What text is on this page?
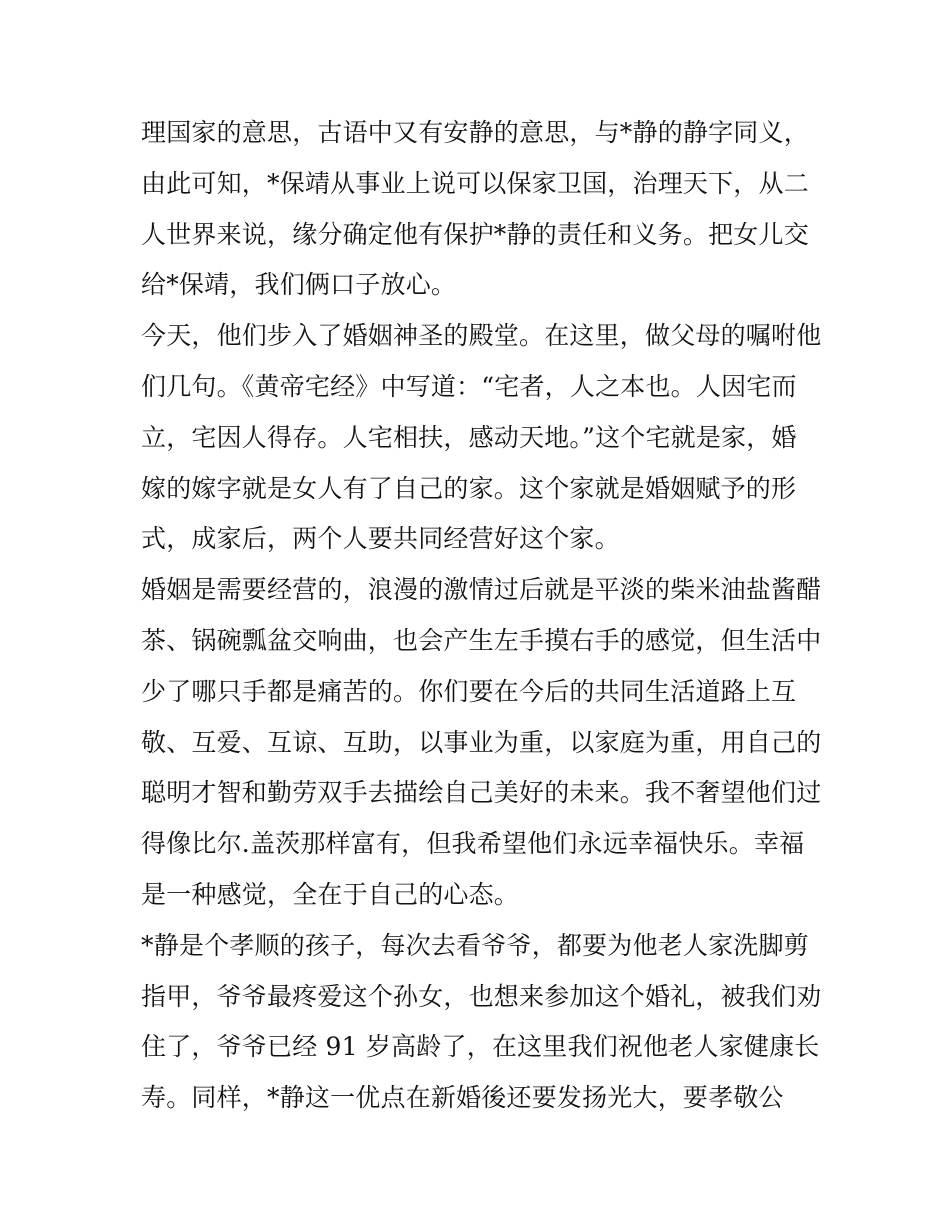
理国家的意思，古语中又有安静的意思，与*静的静字同义，
由此可知，*保靖从事业上说可以保家卫国，治理天下，从二
人世界来说，缘分确定他有保护*静的责任和义务。把女儿交
给*保靖，我们俩口子放心。
今天，他们步入了婚姻神圣的殿堂。在这里，做父母的嘱咐他
们几句。《黄帝宅经》中写道：“宅者，人之本也。人因宅而
立，宅因人得存。人宅相扶，感动天地。”这个宅就是家，婚
嫁的嫁字就是女人有了自己的家。这个家就是婚姻赋予的形
式，成家后，两个人要共同经营好这个家。
婚姻是需要经营的，浪漫的激情过后就是平淡的柴米油盐酱醋
茶、锅碗瓢盆交响曲，也会产生左手摸右手的感觉，但生活中
少了哪只手都是痛苦的。你们要在今后的共同生活道路上互
敬、互爱、互谅、互助，以事业为重，以家庭为重，用自己的
聪明才智和勤劳双手去描绘自己美好的未来。我不奢望他们过
得像比尔.盖茨那样富有，但我希望他们永远幸福快乐。幸福
是一种感觉，全在于自己的心态。
*静是个孝顺的孩子，每次去看爷爷，都要为他老人家洗脚剪
指甲，爷爷最疼爱这个孙女，也想来参加这个婚礼，被我们劝
住了，爷爷已经 91 岁高龄了，在这里我们祝他老人家健康长
寿。同样，*静这一优点在新婚後还要发扬光大，要孝敬公
